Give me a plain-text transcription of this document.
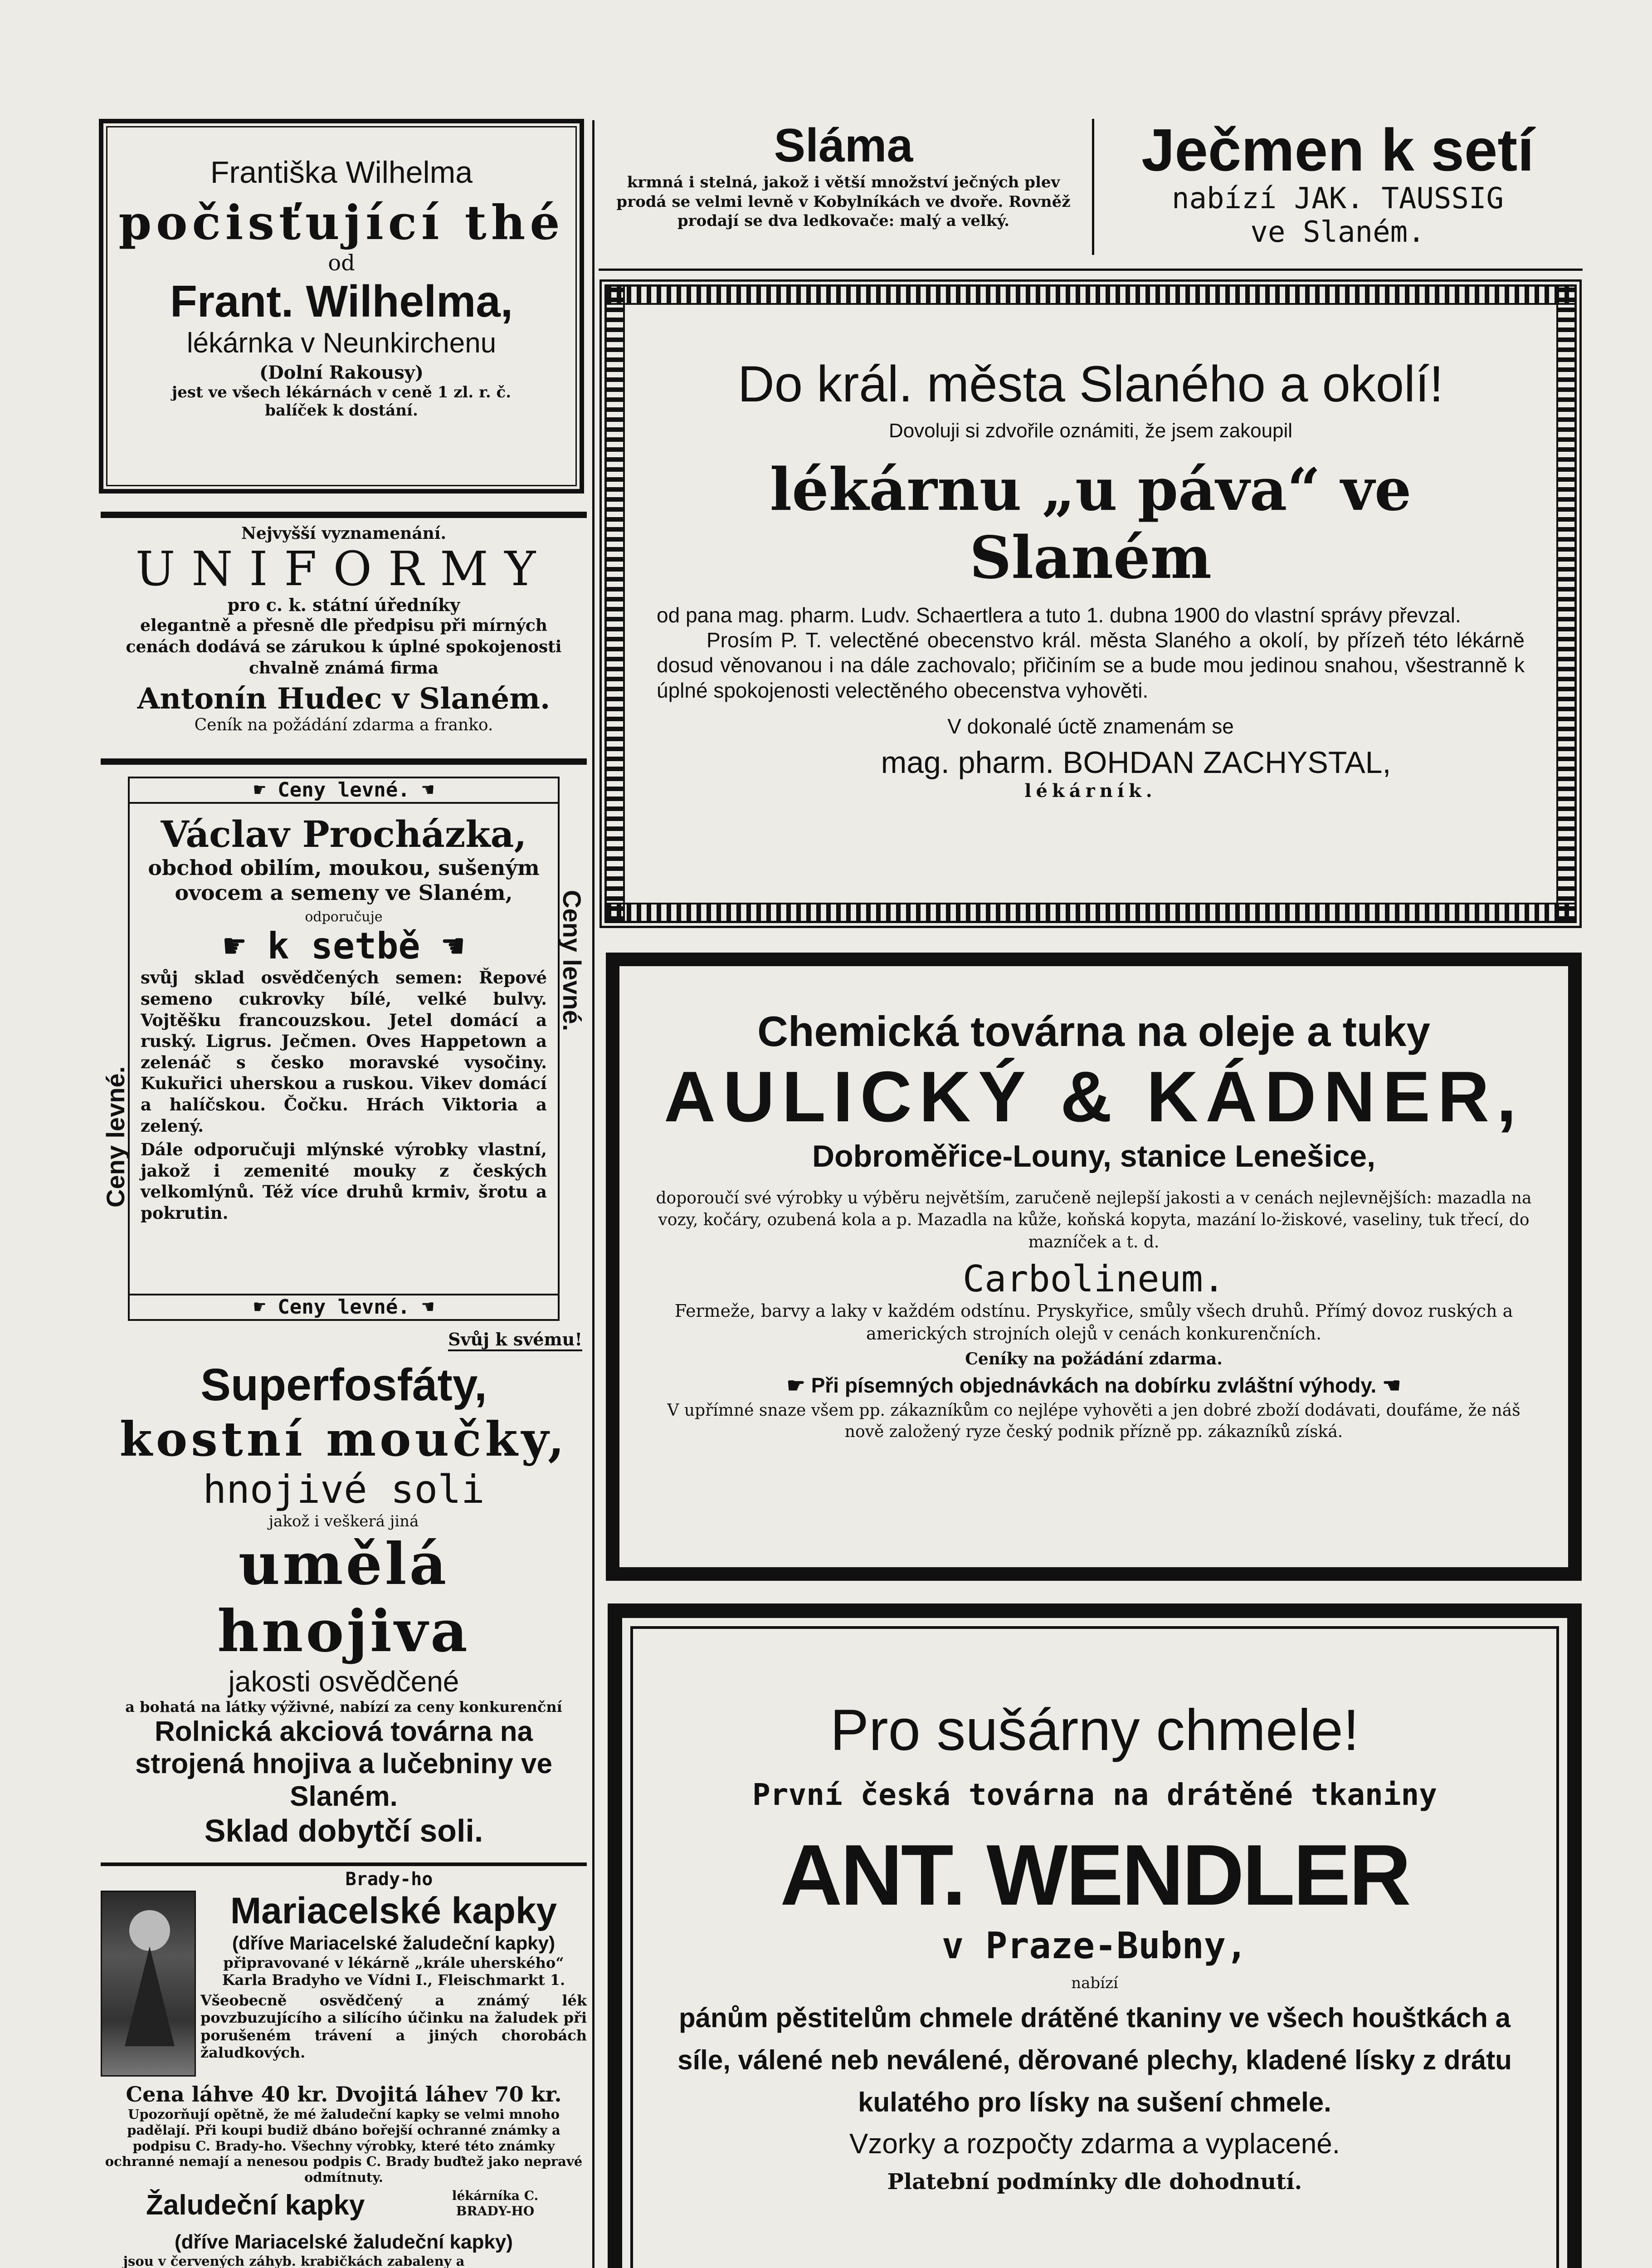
Františka Wilhelma
počisťující thé
od
Frant. Wilhelma,
lékárnka v Neunkirchenu
(Dolní Rakousy)
jest ve všech lékárnách v ceně 1 zl. r. č.
balíček k dostání.
Nejvyšší vyznamenání.
UNIFORMY
pro c. k. státní úředníky
elegantně a přesně dle předpisu při mírných cenách dodává se zárukou k úplné spokojenosti chvalně známá firma
Antonín Hudec v Slaném.
Ceník na požádání zdarma a franko.
☛ Ceny levné. ☚
Ceny levné.
Ceny levné.
Václav Procházka,
obchod obilím, moukou, sušeným ovocem a semeny ve Slaném,
odporučuje
☛ k setbě ☚
svůj sklad osvědčených semen: Řepové semeno cukrovky bílé, velké bulvy. Vojtěšku francouzskou. Jetel domácí a ruský. Ligrus. Ječmen. Oves Happetown a zelenáč s česko moravské vysočiny. Kukuřici uherskou a ruskou. Vikev domácí a halíčskou. Čočku. Hrách Viktoria a zelený.
Dále odporučuji mlýnské výrobky vlastní, jakož i zemenité mouky z českých velkomlýnů. Též více druhů krmiv, šrotu a pokrutin.
☛ Ceny levné. ☚
Svůj k svému!
Superfosfáty,
kostní moučky,
hnojivé soli
jakož i veškerá jiná
umělá hnojiva
jakosti osvědčené
a bohatá na látky výživné, nabízí za ceny konkurenční
Rolnická akciová továrna na strojená hnojiva a lučebniny ve Slaném.
Sklad dobytčí soli.
Brady-ho
Mariacelské kapky
(dříve Mariacelské žaludeční kapky)
připravované v lékárně „krále uherského“ Karla Bradyho ve Vídni I., Fleischmarkt 1.
Všeobecně osvědčený a známý lék povzbuzujícího a silícího účinku na žaludek při porušeném trávení a jiných chorobách žaludkových.
Cena láhve 40 kr. Dvojitá láhev 70 kr.
Upozorňují opětně, že mé žaludeční kapky se velmi mnoho padělají. Při koupi budiž dbáno bořejší ochranné známky a podpisu C. Brady-ho. Všechny výrobky, které této známky ochranné nemají a nenesou podpis C. Brady buďtež jako nepravé odmítnuty.
Žaludeční kapky	lékárníka C. BRADY-HO
(dříve Mariacelské žaludeční kapky)
jsou v červených záhyb. krabičkách zabaleny a
Sláma
krmná i stelná, jakož i větší množství ječných plev prodá se velmi levně v Kobylníkách ve dvoře. Rovněž prodají se dva ledkovače: malý a velký.
Ječmen k setí
nabízí JAK. TAUSSIG
ve Slaném.
Do král. města Slaného a okolí!
Dovoluji si zdvořile oznámiti, že jsem zakoupil
lékárnu „u páva“ ve Slaném
od pana mag. pharm. Ludv. Schaertlera a tuto 1. dubna 1900 do vlastní správy převzal.
Prosím P. T. velectěné obecenstvo král. města Slaného a okolí, by přízeň této lékárně dosud věnovanou i na dále zachovalo; přičiním se a bude mou jedinou snahou, všestranně k úplné spokojenosti velectěného obecenstva vyhověti.
V dokonalé úctě znamenám se
mag. pharm. BOHDAN ZACHYSTAL,
lékárník.
Chemická továrna na oleje a tuky
AULICKÝ & KÁDNER,
Dobroměřice-Louny, stanice Lenešice,
doporoučí své výrobky u výběru největším, zaručeně nejlepší jakosti a v cenách nejlevnějších: mazadla na vozy, kočáry, ozubená kola a p. Mazadla na kůže, koňská kopyta, mazání lo-žiskové, vaseliny, tuk třecí, do mazníček a t. d.
Carbolineum.
Fermeže, barvy a laky v každém odstínu. Pryskyřice, smůly všech druhů. Přímý dovoz ruských a amerických strojních olejů v cenách konkurenčních.
Ceníky na požádání zdarma.
☛ Při písemných objednávkách na dobírku zvláštní výhody. ☚
V upřímné snaze všem pp. zákazníkům co nejlépe vyhověti a jen dobré zboží dodávati, doufáme, že náš nově založený ryze český podnik přízně pp. zákazníků získá.
Pro sušárny chmele!
První česká továrna na drátěné tkaniny
ANT. WENDLER
v Praze-Bubny,
nabízí
pánům pěstitelům chmele drátěné tkaniny ve všech houštkách a síle, válené neb neválené, děrované plechy, kladené lísky z drátu kulatého pro lísky na sušení chmele.
Vzorky a rozpočty zdarma a vyplacené.
Platební podmínky dle dohodnutí.
